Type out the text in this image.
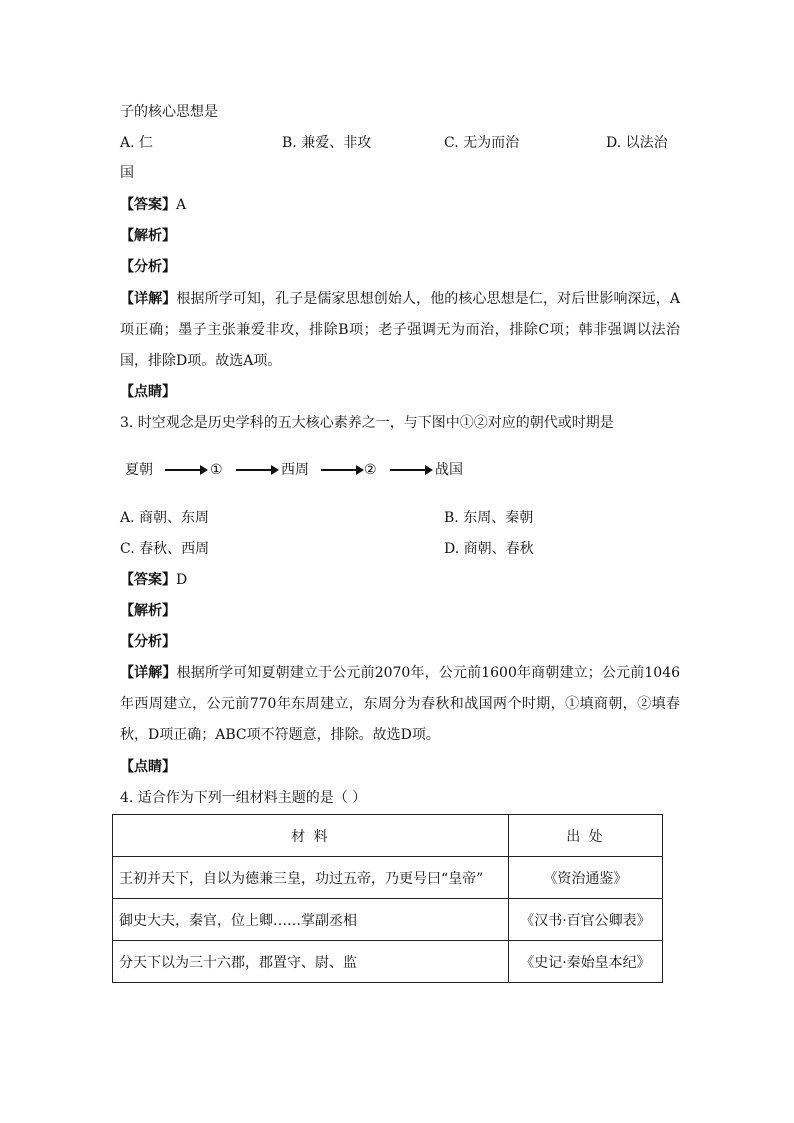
子的核心思想是
A. 仁	B. 兼爱、非攻	C. 无为而治	D. 以法治
国
【答案】A
【解析】
【分析】
【详解】根据所学可知，孔子是儒家思想创始人，他的核心思想是仁，对后世影响深远，A项正确；墨子主张兼爱非攻，排除B项；老子强调无为而治，排除C项；韩非强调以法治国，排除D项。故选A项。
【点睛】
3. 时空观念是历史学科的五大核心素养之一，与下图中①②对应的朝代或时期是
夏朝	①	西周	②	战国
A. 商朝、东周	B. 东周、秦朝
C. 春秋、西周	D. 商朝、春秋
【答案】D
【解析】
【分析】
【详解】根据所学可知夏朝建立于公元前2070年，公元前1600年商朝建立；公元前1046年西周建立，公元前770年东周建立，东周分为春秋和战国两个时期，①填商朝，②填春秋，D项正确；ABC项不符题意，排除。故选D项。
【点睛】
4. 适合作为下列一组材料主题的是（ ）
材 料	出 处
王初并天下，自以为德兼三皇，功过五帝，乃更号曰“皇帝”	《资治通鉴》
御史大夫，秦官，位上卿……掌副丞相	《汉书·百官公卿表》
分天下以为三十六郡，郡置守、尉、监	《史记·秦始皇本纪》
